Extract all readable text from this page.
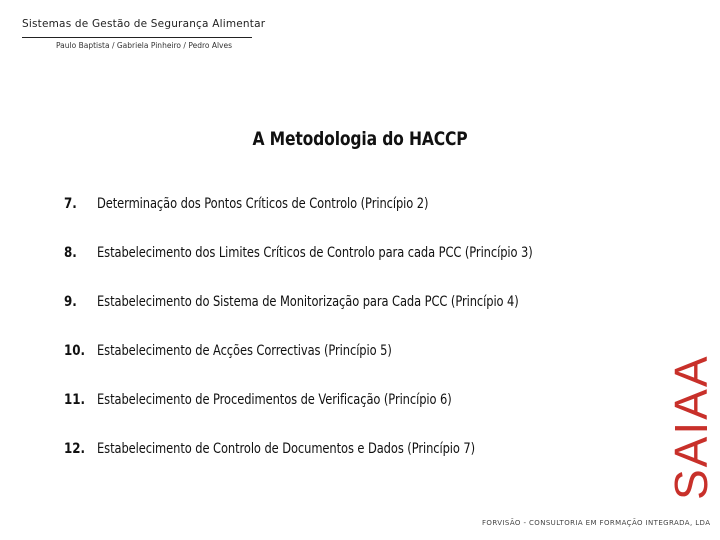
Sistemas de Gestão de Segurança Alimentar
Paulo Baptista / Gabriela Pinheiro / Pedro Alves
A Metodologia do HACCP
7. Determinação dos Pontos Críticos de Controlo (Princípio 2)
8. Estabelecimento dos Limites Críticos de Controlo para cada PCC (Princípio 3)
9. Estabelecimento do Sistema de Monitorização para Cada PCC (Princípio 4)
10. Estabelecimento de Acções Correctivas (Princípio 5)
11. Estabelecimento de Procedimentos de Verificação (Princípio 6)
12. Estabelecimento de Controlo de Documentos e Dados (Princípio 7)	SAIAA
FORVISÃO - CONSULTORIA EM FORMAÇÃO INTEGRADA, LDA
